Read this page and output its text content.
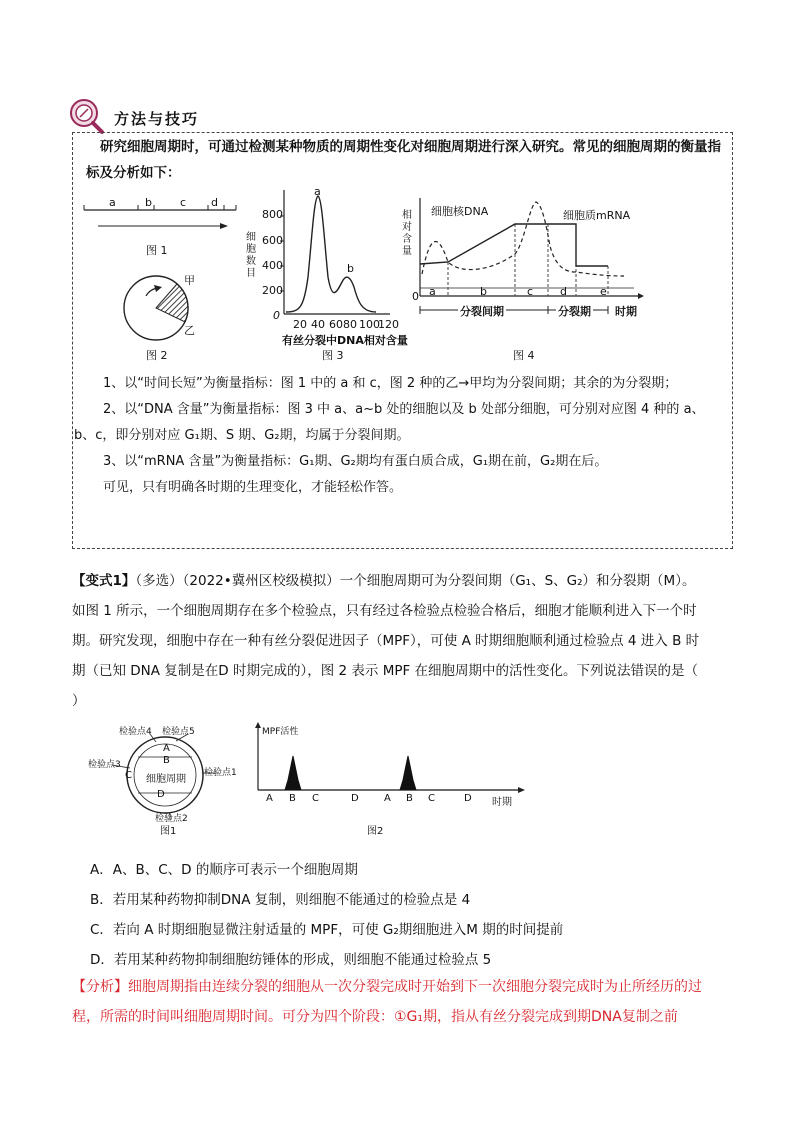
方法与技巧
研究细胞周期时，可通过检测某种物质的周期性变化对细胞周期进行深入研究。常见的细胞周期的衡量指标及分析如下：
a	b	c d
图 1
甲
乙
图 2
a
b
800
600
400
200
0
细胞数目
20 40 60 80 100
120
有丝分裂中DNA相对含量
图 3
相对含量
细胞核DNA	细胞质mRNA
0 a	b	c d	e
分裂间期	分裂期 时期
图 4
1、以“时间长短”为衡量指标：图 1 中的 a 和 c，图 2 种的乙→甲均为分裂间期；其余的为分裂期；
2、以“DNA 含量”为衡量指标：图 3 中 a、a~b 处的细胞以及 b 处部分细胞，可分别对应图 4 种的 a、
b、c，即分别对应 G₁期、S 期、G₂期，均属于分裂间期。
3、以“mRNA 含量”为衡量指标：G₁期、G₂期均有蛋白质合成，G₁期在前，G₂期在后。
可见，只有明确各时期的生理变化，才能轻松作答。
【变式1】（多选）（2022•冀州区校级模拟）一个细胞周期可为分裂间期（G₁、S、G₂）和分裂期（M）。
如图 1 所示，一个细胞周期存在多个检验点，只有经过各检验点检验合格后，细胞才能顺利进入下一个时
期。研究发现，细胞中存在一种有丝分裂促进因子（MPF），可使 A 时期细胞顺利通过检验点 4 进入 B 时
期（已知 DNA 复制是在D 时期完成的），图 2 表示 MPF 在细胞周期中的活性变化。下列说法错误的是（
）
检验点4 检验点5
检验点3
检验点1
检验点2
细胞周期
A
B
C
D
图1
MPF活性
A B C	D	A B C	D 时期
图2
A．A、B、C、D 的顺序可表示一个细胞周期
B．若用某种药物抑制DNA 复制，则细胞不能通过的检验点是 4
C．若向 A 时期细胞显微注射适量的 MPF，可使 G₂期细胞进入M 期的时间提前
D．若用某种药物抑制细胞纺锤体的形成，则细胞不能通过检验点 5
【分析】细胞周期指由连续分裂的细胞从一次分裂完成时开始到下一次细胞分裂完成时为止所经历的过
程，所需的时间叫细胞周期时间。可分为四个阶段：①G₁期，指从有丝分裂完成到期DNA复制之前
